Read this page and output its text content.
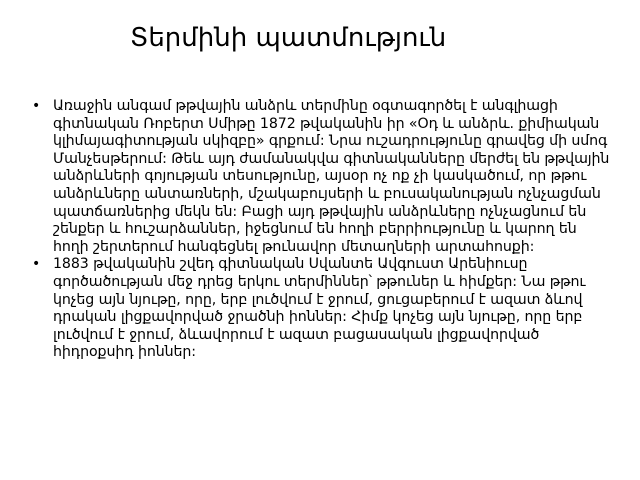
Տերմինի պատմություն
• Առաջին անգամ թթվային անձրև տերմինը օգտագործել է անգլիացի գիտնական Ռոբերտ Սմիթը 1872 թվականին իր «Օդ և անձրև. քիմիական կլիմայագիտության սկիզբը» գրքում: Նրա ուշադրությունը գրավեց մի սմոգ Մանչեսթերում: Թեև այդ ժամանակվա գիտնականները մերժել են թթվային անձրևների գոյության տեսությունը, այսօր ոչ ոք չի կասկածում, որ թթու անձրևները անտառների, մշակաբույսերի և բուսականության ոչնչացման պատճառներից մեկն են: Բացի այդ թթվային անձրևները ոչնչացնում են շենքեր և հուշարձաններ, իջեցնում են հողի բերրիությունը և կարող են հողի շերտերում հանգեցնել թունավոր մետաղների արտահոսքի:
• 1883 թվականին շվեդ գիտնական Սվանտե Ավգուստ Արենիուսը գործածության մեջ դրեց երկու տերմիններ՝ թթուներ և հիմքեր: Նա թթու կոչեց այն նյութը, որը, երբ լուծվում է ջրում, ցուցաբերում է ազատ ձևով դրական լիցքավորված ջրածնի իոններ: Հիմք կոչեց այն նյութը, որը երբ լուծվում է ջրում, ձևավորում է ազատ բացասական լիցքավորված հիդրօքսիդ իոններ:
